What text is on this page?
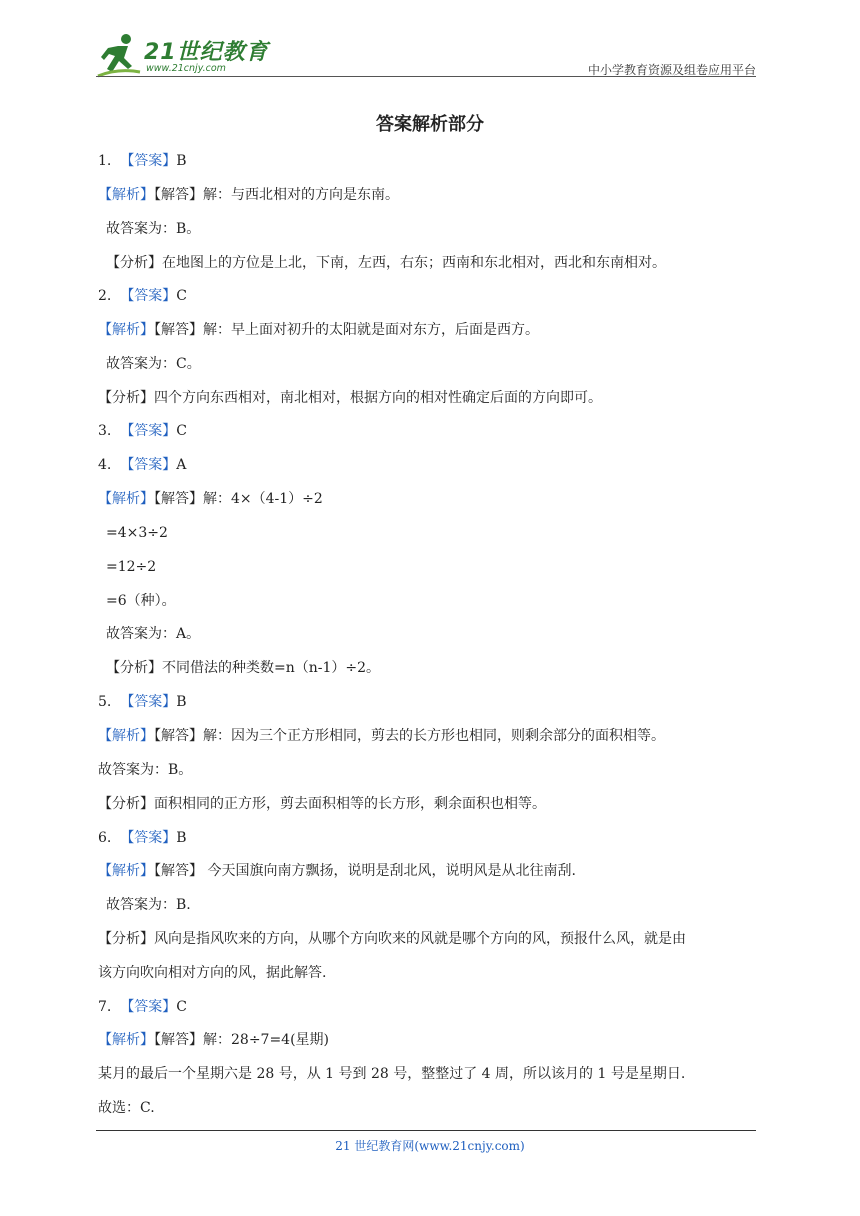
21世纪教育
www.21cnjy.com	中小学教育资源及组卷应用平台
答案解析部分
1.  【答案】B
【解析】【解答】解：与西北相对的方向是东南。
故答案为：B。
【分析】在地图上的方位是上北，下南，左西，右东；西南和东北相对，西北和东南相对。
2.  【答案】C
【解析】【解答】解：早上面对初升的太阳就是面对东方，后面是西方。
故答案为：C。
【分析】四个方向东西相对，南北相对，根据方向的相对性确定后面的方向即可。
3.  【答案】C
4.  【答案】A
【解析】【解答】解：4×（4-1）÷2
=4×3÷2
=12÷2
=6（种）。
故答案为：A。
【分析】不同借法的种类数=n（n-1）÷2。
5.  【答案】B
【解析】【解答】解：因为三个正方形相同，剪去的长方形也相同，则剩余部分的面积相等。
故答案为：B。
【分析】面积相同的正方形，剪去面积相等的长方形，剩余面积也相等。
6.  【答案】B
【解析】【解答】 今天国旗向南方飘扬，说明是刮北风，说明风是从北往南刮.
故答案为：B.
【分析】风向是指风吹来的方向，从哪个方向吹来的风就是哪个方向的风，预报什么风，就是由
该方向吹向相对方向的风，据此解答.
7.  【答案】C
【解析】【解答】解：28÷7=4(星期)
某月的最后一个星期六是 28 号，从 1 号到 28 号，整整过了 4 周，所以该月的 1 号是星期日.
故选：C.
21 世纪教育网(www.21cnjy.com)
